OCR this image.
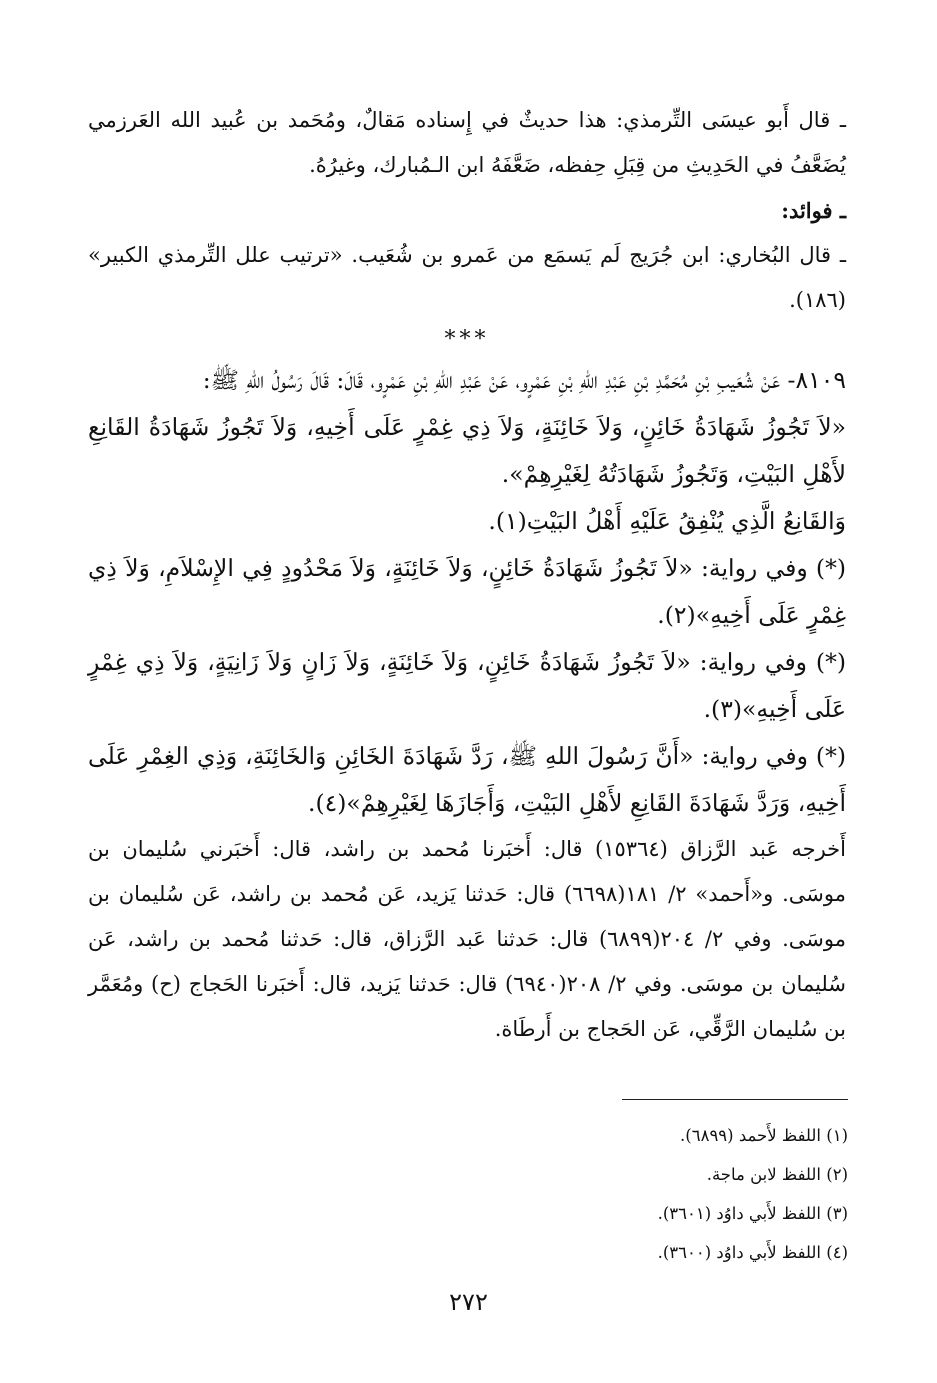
ـ قال أَبو عيسَى التِّرمذي: هذا حديثٌ في إِسناده مَقالٌ، ومُحَمد بن عُبيد الله العَرزمي يُضَعَّفُ في الحَدِيثِ من قِبَلِ حِفظه، ضَعَّفَهُ ابن الـمُبارك، وغيرُهُ.

ـ فوائد:

ـ قال البُخاري: ابن جُرَيج لَم يَسمَع من عَمرو بن شُعَيب. «ترتيب علل التِّرمذي الكبير» (١٨٦).

***

٨١٠٩- عَنْ شُعَيبِ بْنِ مُحَمَّدِ بْنِ عَبْدِ اللهِ بْنِ عَمْرٍو، عَنْ عَبْدِ اللهِ بْنِ عَمْرٍو، قَالَ: قَالَ رَسُولُ اللهِ ﷺ:

«لاَ تَجُوزُ شَهَادَةُ خَائِنٍ، وَلاَ خَائِنَةٍ، وَلاَ ذِي غِمْرٍ عَلَى أَخِيهِ، وَلاَ تَجُوزُ شَهَادَةُ القَانِعِ لأَهْلِ البَيْتِ، وَتَجُوزُ شَهَادَتُهُ لِغَيْرِهِمْ».

وَالقَانِعُ الَّذِي يُنْفِقُ عَلَيْهِ أَهْلُ البَيْتِ(١).

(*) وفي رواية: «لاَ تَجُوزُ شَهَادَةُ خَائِنٍ، وَلاَ خَائِنَةٍ، وَلاَ مَحْدُودٍ فِي الإِسْلاَمِ، وَلاَ ذِي غِمْرٍ عَلَى أَخِيهِ»(٢).

(*) وفي رواية: «لاَ تَجُوزُ شَهَادَةُ خَائِنٍ، وَلاَ خَائِنَةٍ، وَلاَ زَانٍ وَلاَ زَانِيَةٍ، وَلاَ ذِي غِمْرٍ عَلَى أَخِيهِ»(٣).

(*) وفي رواية: «أَنَّ رَسُولَ اللهِ ﷺ، رَدَّ شَهَادَةَ الخَائِنِ وَالخَائِنَةِ، وَذِي الغِمْرِ عَلَى أَخِيهِ، وَرَدَّ شَهَادَةَ القَانِعِ لأَهْلِ البَيْتِ، وَأَجَازَهَا لِغَيْرِهِمْ»(٤).

أَخرجه عَبد الرَّزاق (١٥٣٦٤) قال: أَخبَرنا مُحمد بن راشد، قال: أَخبَرني سُليمان بن موسَى. و«أَحمد» ٢/ ١٨١(٦٦٩٨) قال: حَدثنا يَزيد، عَن مُحمد بن راشد، عَن سُليمان بن موسَى. وفي ٢/ ٢٠٤(٦٨٩٩) قال: حَدثنا عَبد الرَّزاق، قال: حَدثنا مُحمد بن راشد، عَن سُليمان بن موسَى. وفي ٢/ ٢٠٨(٦٩٤٠) قال: حَدثنا يَزيد، قال: أَخبَرنا الحَجاج (ح) ومُعَمَّر بن سُليمان الرَّقِّي، عَن الحَجاج بن أَرطَاة.

(١) اللفظ لأَحمد (٦٨٩٩).

(٢) اللفظ لابن ماجة.

(٣) اللفظ لأَبي داوُد (٣٦٠١).

(٤) اللفظ لأَبي داوُد (٣٦٠٠).

٢٧٢
